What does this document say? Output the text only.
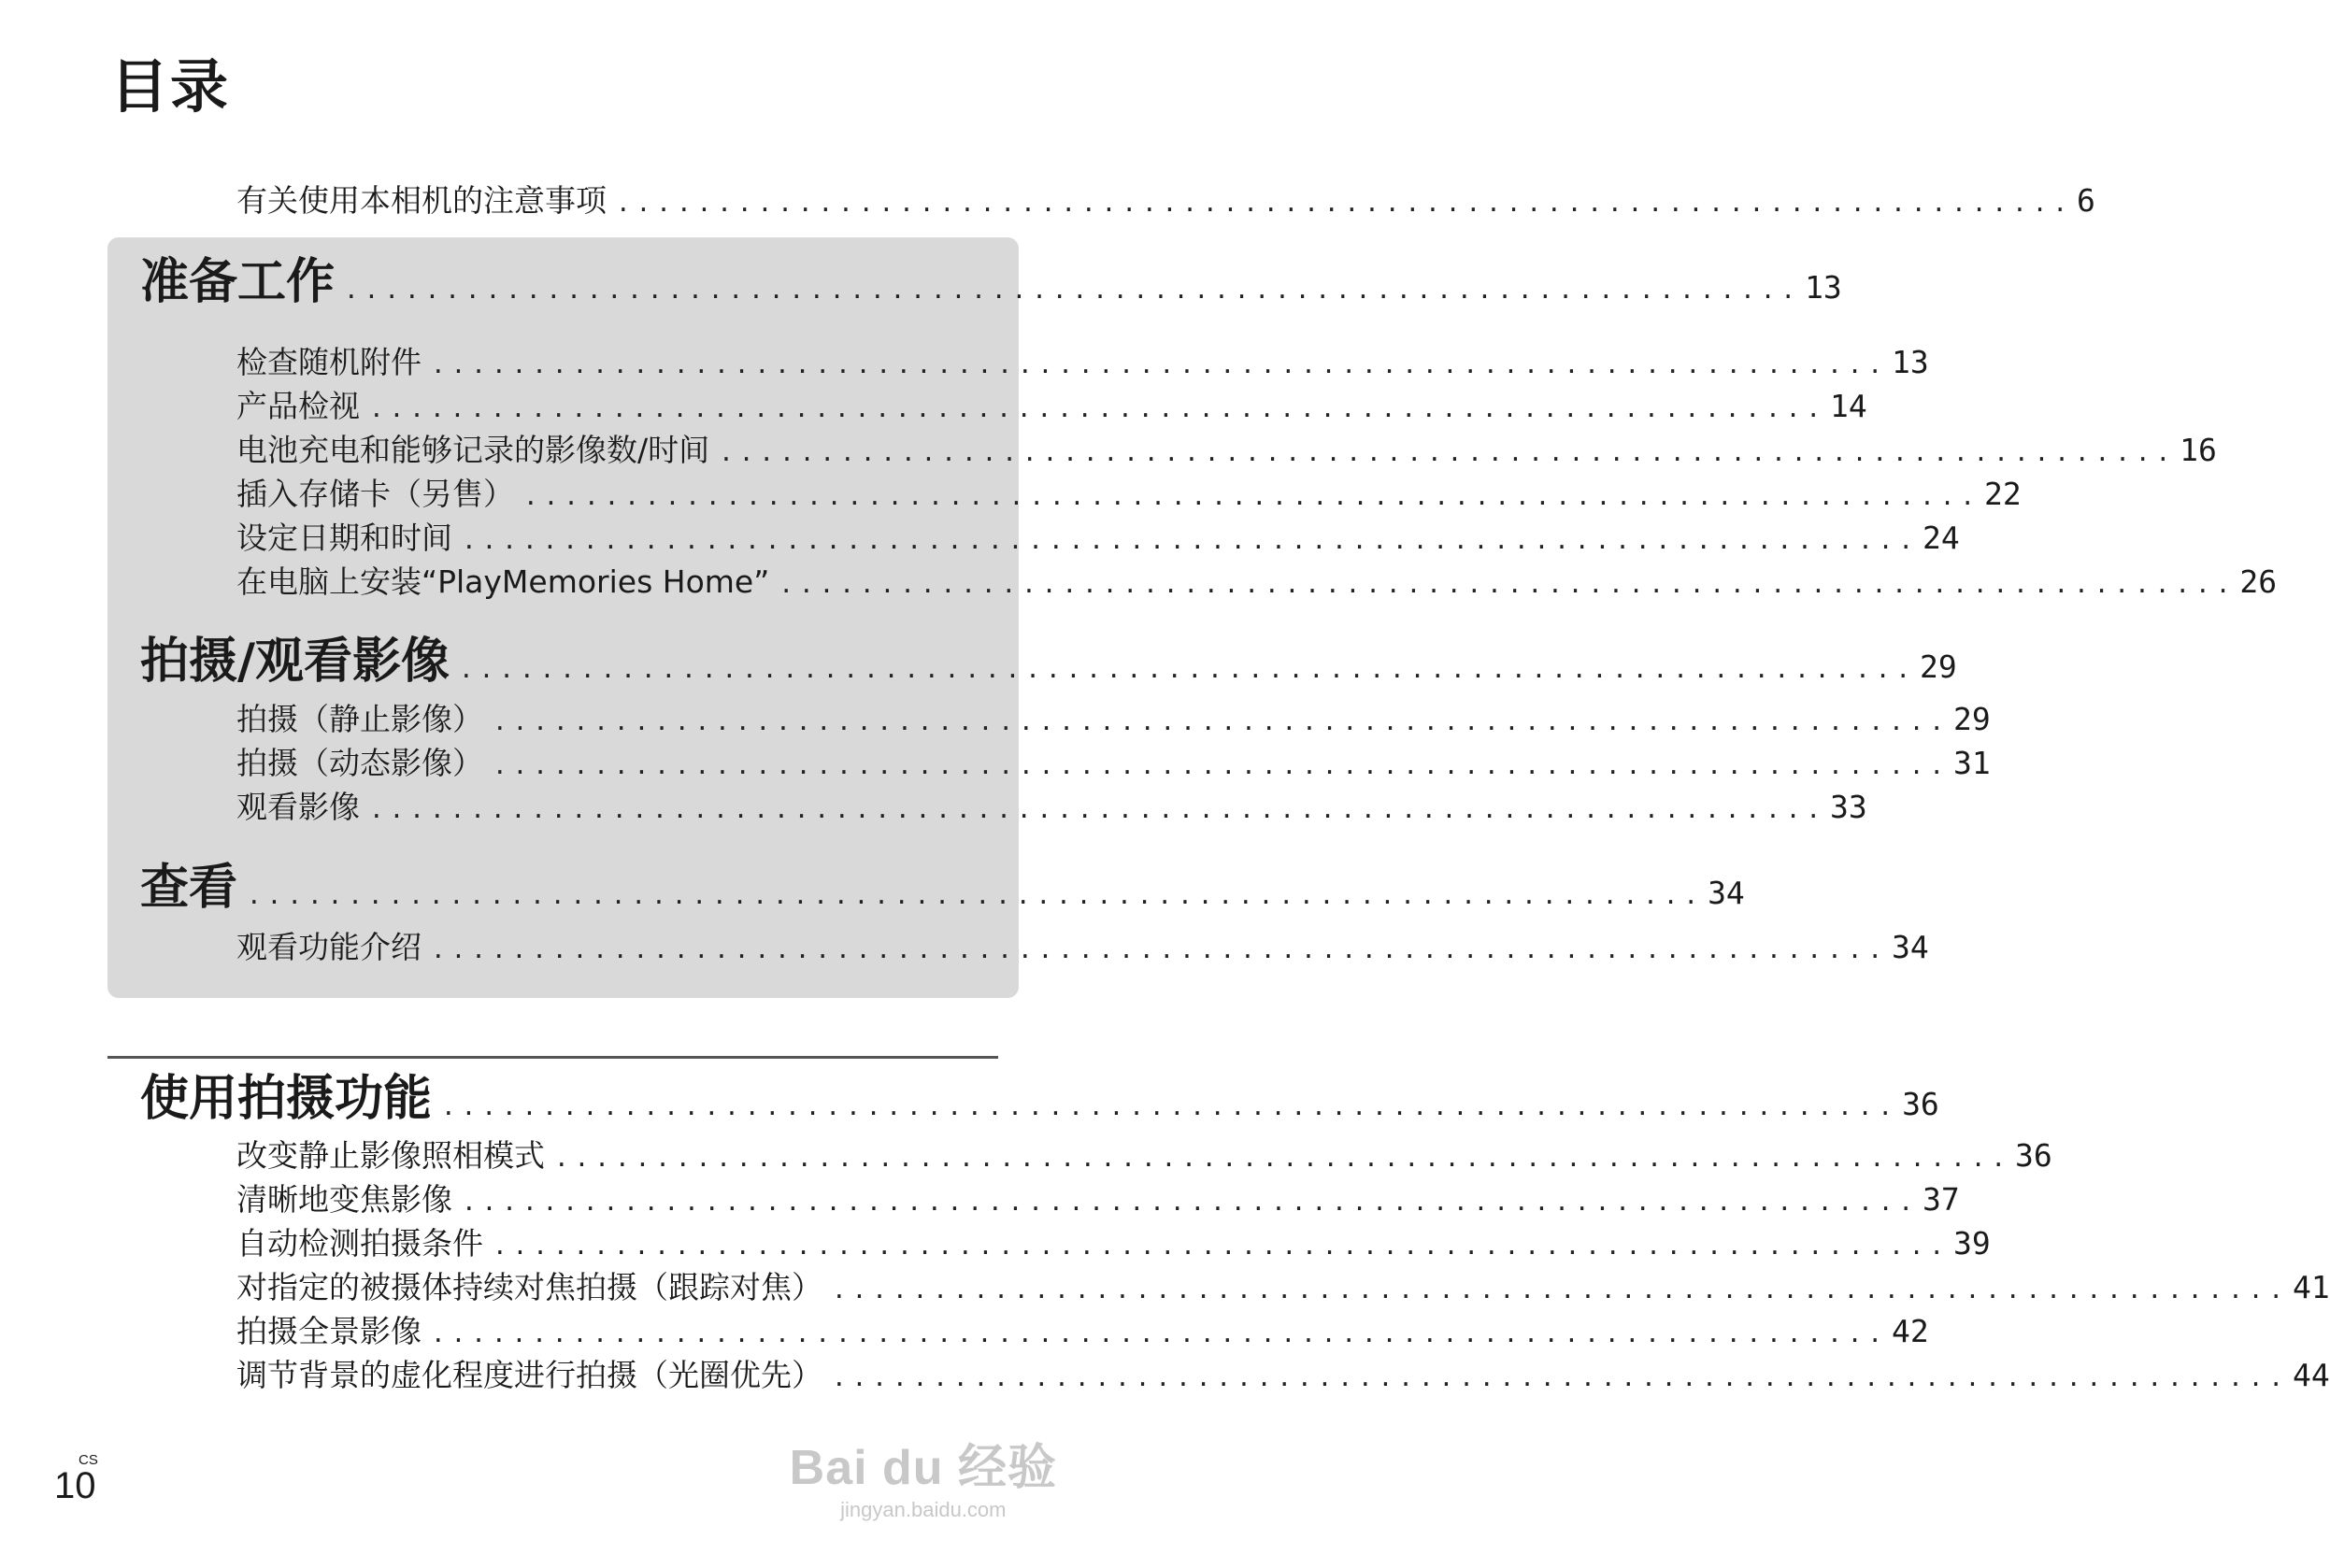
目录
有关使用本相机的注意事项 ........................................................................ 6
准备工作 ........................................................................ 13
检查随机附件 ........................................................................ 13
产品检视 ........................................................................ 14
电池充电和能够记录的影像数/时间 ........................................................................ 16
插入存储卡（另售） ........................................................................ 22
设定日期和时间 ........................................................................ 24
在电脑上安装“PlayMemories Home” ........................................................................ 26
拍摄/观看影像 ........................................................................ 29
拍摄（静止影像） ........................................................................ 29
拍摄（动态影像） ........................................................................ 31
观看影像 ........................................................................ 33
查看 ........................................................................ 34
观看功能介绍 ........................................................................ 34
使用拍摄功能 ........................................................................ 36
改变静止影像照相模式 ........................................................................ 36
清晰地变焦影像 ........................................................................ 37
自动检测拍摄条件 ........................................................................ 39
对指定的被摄体持续对焦拍摄（跟踪对焦） ........................................................................ 41
拍摄全景影像 ........................................................................ 42
调节背景的虚化程度进行拍摄（光圈优先） ........................................................................ 44
CS
10	Bai du 经验
jingyan.baidu.com
